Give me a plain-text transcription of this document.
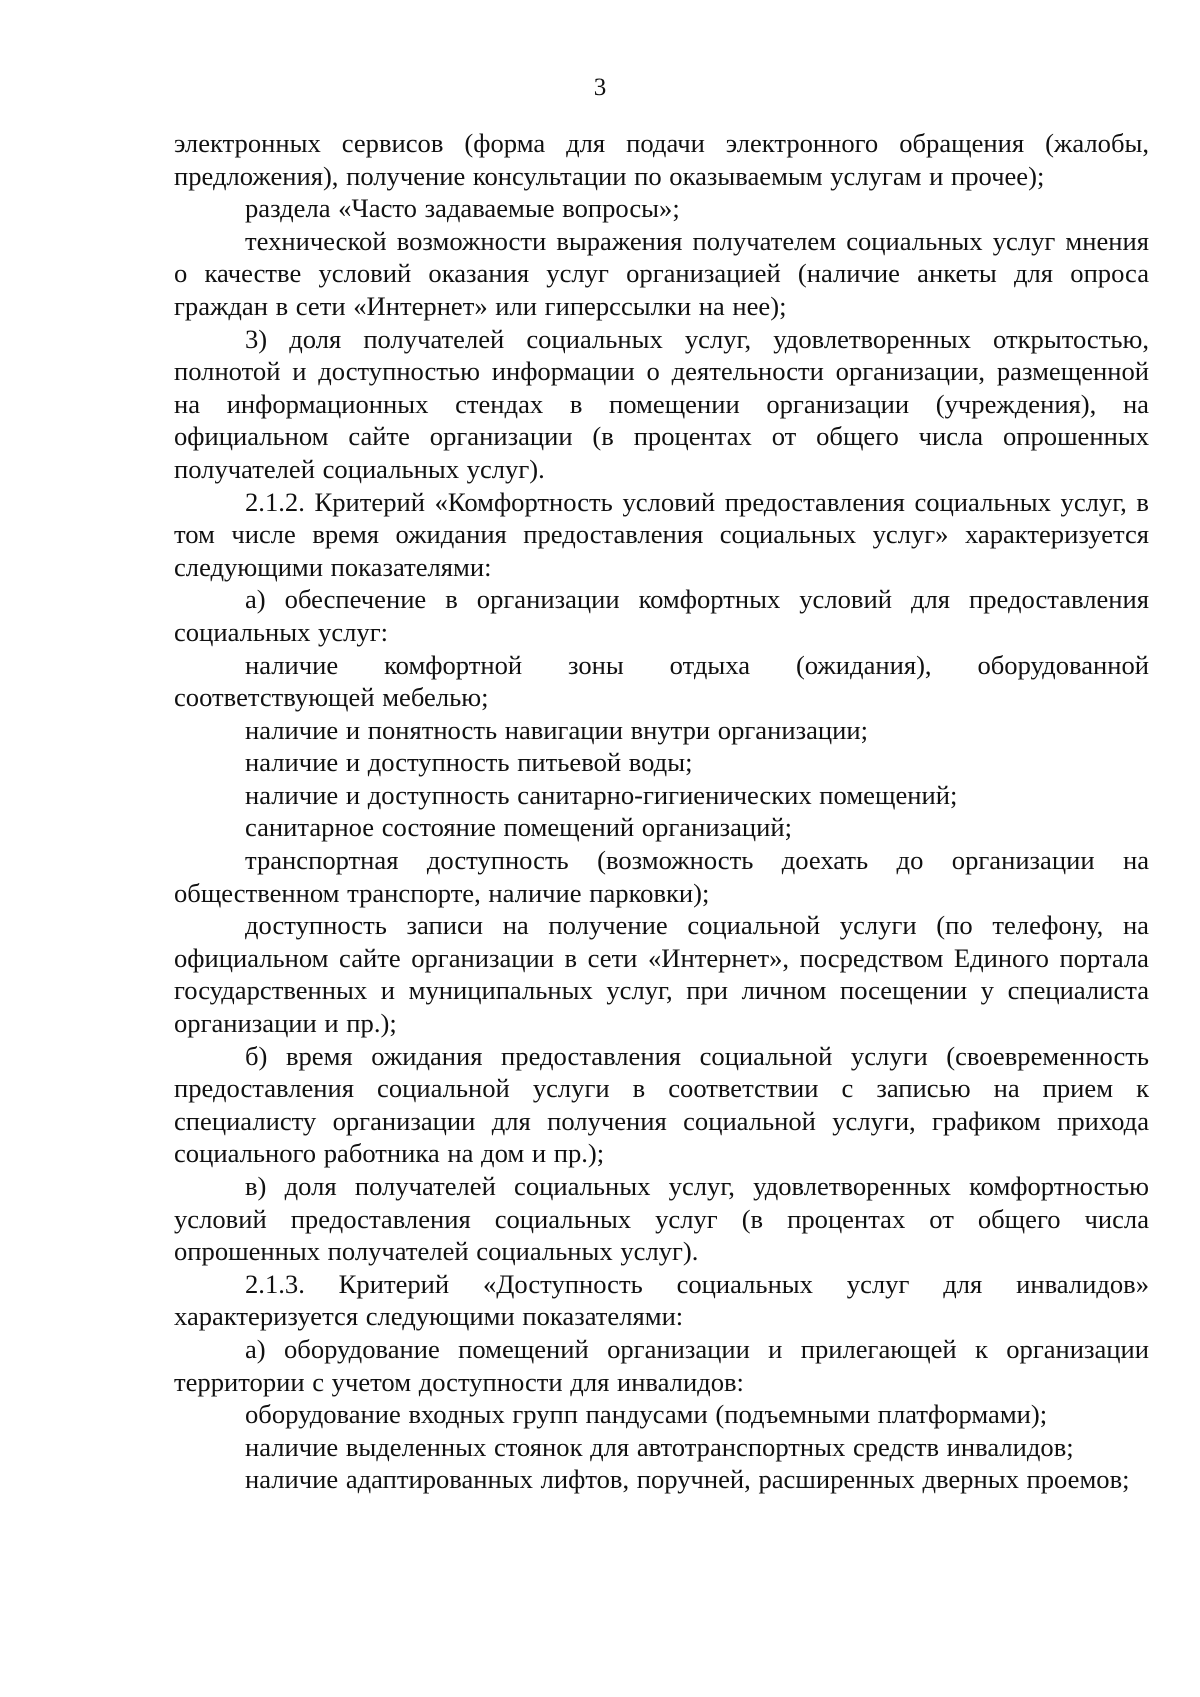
3

электронных сервисов (форма для подачи электронного обращения (жалобы, предложения), получение консультации по оказываемым услугам и прочее);

раздела «Часто задаваемые вопросы»;

технической возможности выражения получателем социальных услуг мнения о качестве условий оказания услуг организацией (наличие анкеты для опроса граждан в сети «Интернет» или гиперссылки на нее);

3) доля получателей социальных услуг, удовлетворенных открытостью, полнотой и доступностью информации о деятельности организации, размещенной на информационных стендах в помещении организации (учреждения), на официальном сайте организации (в процентах от общего числа опрошенных получателей социальных услуг).

2.1.2. Критерий «Комфортность условий предоставления социальных услуг, в том числе время ожидания предоставления социальных услуг» характеризуется следующими показателями:

а) обеспечение в организации комфортных условий для предоставления социальных услуг:

наличие комфортной зоны отдыха (ожидания), оборудованной соответствующей мебелью;

наличие и понятность навигации внутри организации;

наличие и доступность питьевой воды;

наличие и доступность санитарно-гигиенических помещений;

санитарное состояние помещений организаций;

транспортная доступность (возможность доехать до организации на общественном транспорте, наличие парковки);

доступность записи на получение социальной услуги (по телефону, на официальном сайте организации в сети «Интернет», посредством Единого портала государственных и муниципальных услуг, при личном посещении у специалиста организации и пр.);

б) время ожидания предоставления социальной услуги (своевременность предоставления социальной услуги в соответствии с записью на прием к специалисту организации для получения социальной услуги, графиком прихода социального работника на дом и пр.);

в) доля получателей социальных услуг, удовлетворенных комфортностью условий предоставления социальных услуг (в процентах от общего числа опрошенных получателей социальных услуг).

2.1.3. Критерий «Доступность социальных услуг для инвалидов» характеризуется следующими показателями:

а) оборудование помещений организации и прилегающей к организации территории с учетом доступности для инвалидов:

оборудование входных групп пандусами (подъемными платформами);

наличие выделенных стоянок для автотранспортных средств инвалидов;

наличие адаптированных лифтов, поручней, расширенных дверных проемов;
